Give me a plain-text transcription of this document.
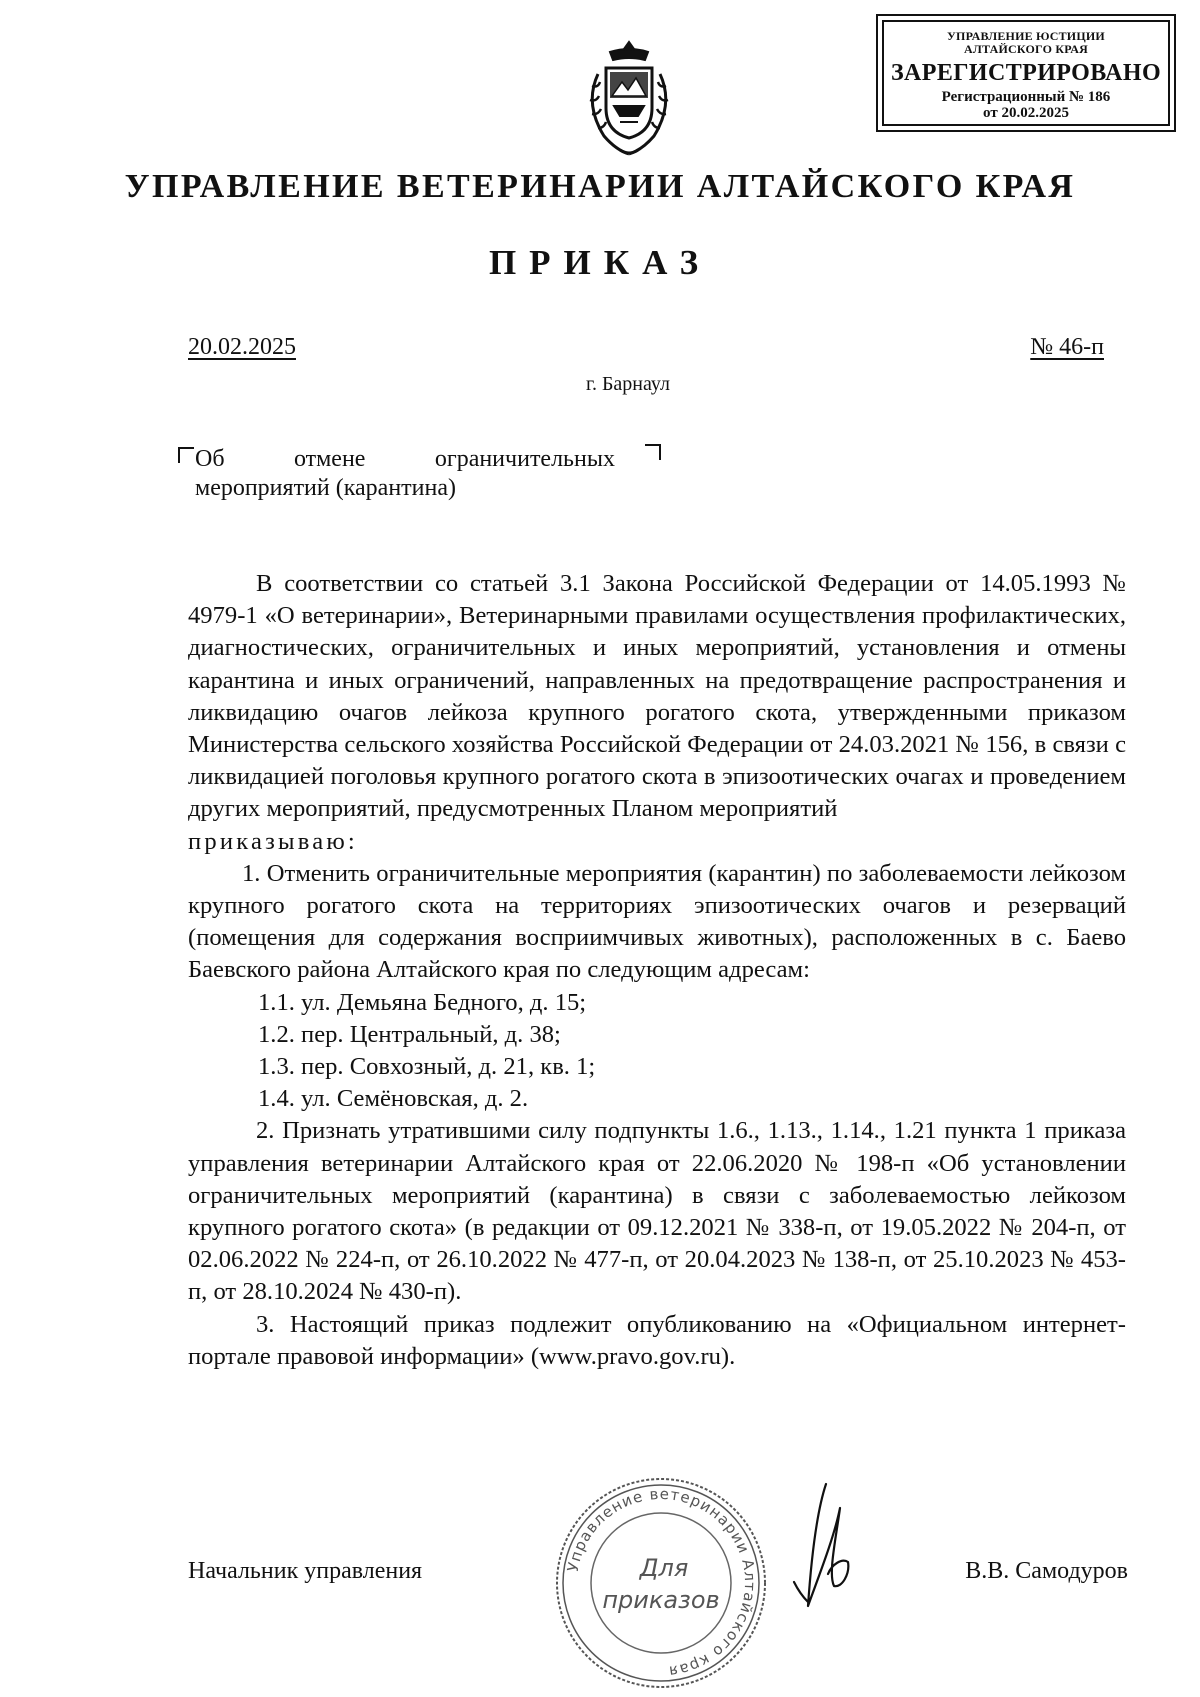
УПРАВЛЕНИЕ ЮСТИЦИИ
АЛТАЙСКОГО КРАЯ
ЗАРЕГИСТРИРОВАНО
Регистрационный № 186
от 20.02.2025
УПРАВЛЕНИЕ ВЕТЕРИНАРИИ АЛТАЙСКОГО КРАЯ
ПРИКАЗ
20.02.2025	№ 46-п
г. Барнаул
Об	отмене	ограничительных
мероприятий (карантина)

В соответствии со статьей 3.1 Закона Российской Федерации от 14.05.1993 № 4979-1 «О ветеринарии», Ветеринарными правилами осуществления профилактических, диагностических, ограничительных и иных мероприятий, установления и отмены карантина и иных ограничений, направленных на предотвращение распространения и ликвидацию очагов лейкоза крупного рогатого скота, утвержденными приказом Министерства сельского хозяйства Российской Федерации от 24.03.2021 № 156, в связи с ликвидацией поголовья крупного рогатого скота в эпизоотических очагах и проведением других мероприятий, предусмотренных Планом мероприятий

приказываю:

1. Отменить ограничительные мероприятия (карантин) по заболеваемости лейкозом крупного рогатого скота на территориях эпизоотических очагов и резерваций (помещения для содержания восприимчивых животных), расположенных в с. Баево Баевского района Алтайского края по следующим адресам:

1.1. ул. Демьяна Бедного, д. 15;

1.2. пер. Центральный, д. 38;

1.3. пер. Совхозный, д. 21, кв. 1;

1.4. ул. Семёновская, д. 2.

2. Признать утратившими силу подпункты 1.6., 1.13., 1.14., 1.21 пункта 1 приказа управления ветеринарии Алтайского края от 22.06.2020 № 198-п «Об установлении ограничительных мероприятий (карантина) в связи с заболеваемостью лейкозом крупного рогатого скота» (в редакции от 09.12.2021 № 338-п, от 19.05.2022 № 204-п, от 02.06.2022 № 224-п, от 26.10.2022 № 477-п, от 20.04.2023 № 138-п, от 25.10.2023 № 453-п, от 28.10.2024 № 430-п).

3. Настоящий приказ подлежит опубликованию на «Официальном интернет-портале правовой информации» (www.pravo.gov.ru).

Управление ветеринарии Алтайского края
Для
приказов
Начальник управления	В.В. Самодуров
